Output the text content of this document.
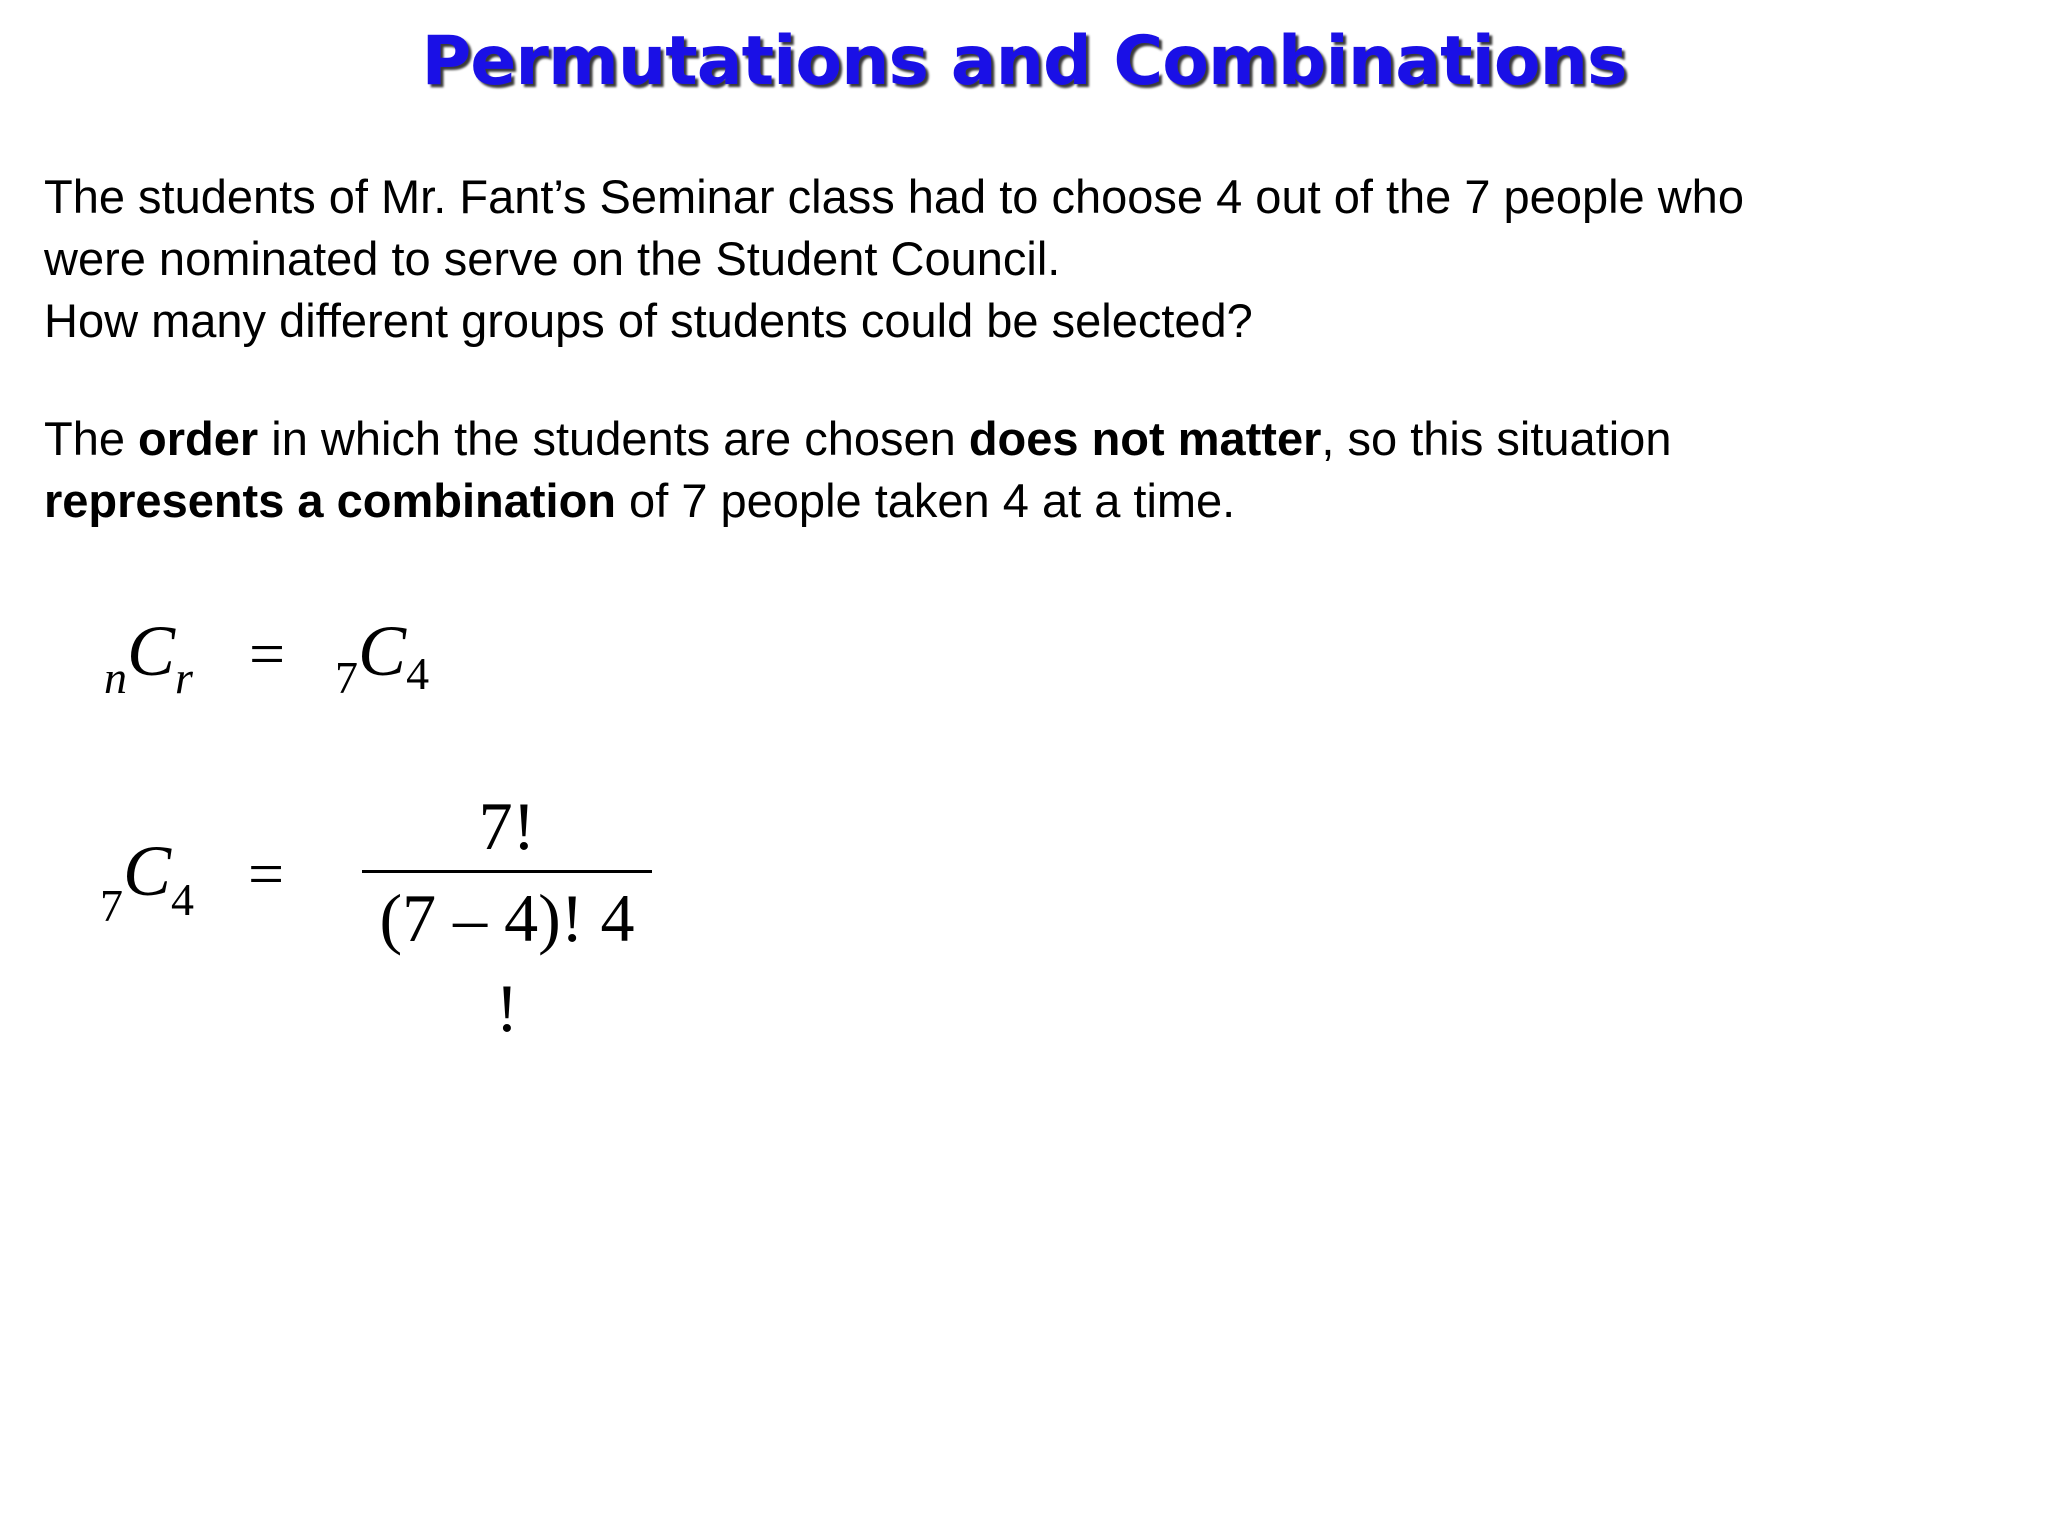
Permutations and Combinations

The students of Mr. Fant’s Seminar class had to choose 4 out of the 7 people who
were nominated to serve on the Student Council.
How many different groups of students could be selected?

The order in which the students are chosen does not matter, so this situation
represents a combination of 7 people taken 4 at a time.

nCr = 7C4
7C4 =
7!
(7 – 4)! 4 !
